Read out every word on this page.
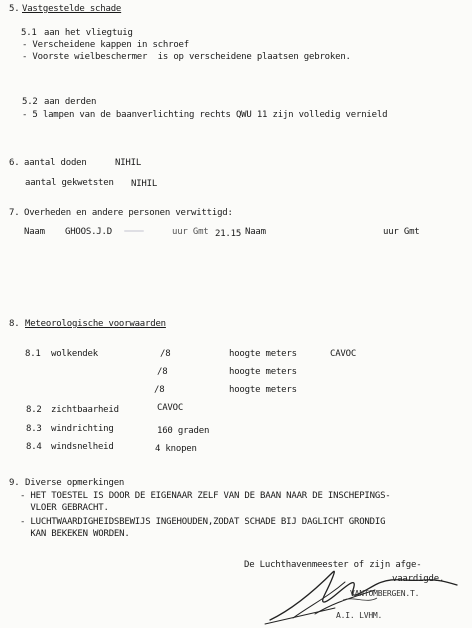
5. Vastgestelde schade
5.1 aan het vliegtuig
- Verscheidene kappen in schroef
- Voorste wielbeschermer  is op verscheidene plaatsen gebroken.
5.2 aan derden
- 5 lampen van de baanverlichting rechts QWU 11 zijn volledig vernield
6. aantal doden	NIHIL
aantal gekwetsten NIHIL
7. Overheden en andere personen verwittigd:
Naam GHOOS.J.D	uur Gmt 21.15 Naam	uur Gmt
8. Meteorologische voorwaarden
8.1 wolkendek	/8	hoogte meters	CAVOC
/8	hoogte meters
/8	hoogte meters
8.2 zichtbaarheid	CAVOC
8.3 windrichting	160 graden
8.4 windsnelheid	4 knopen
9. Diverse opmerkingen
- HET TOESTEL IS DOOR DE EIGENAAR ZELF VAN DE BAAN NAAR DE INSCHEPINGS-
VLOER GEBRACHT.
- LUCHTWAARDIGHEIDSBEWIJS INGEHOUDEN,ZODAT SCHADE BIJ DAGLICHT GRONDIG
KAN BEKEKEN WORDEN.
De Luchthavenmeester of zijn afge-
vaardigde.
VANTOMBERGEN.T.
A.I. LVHM.
